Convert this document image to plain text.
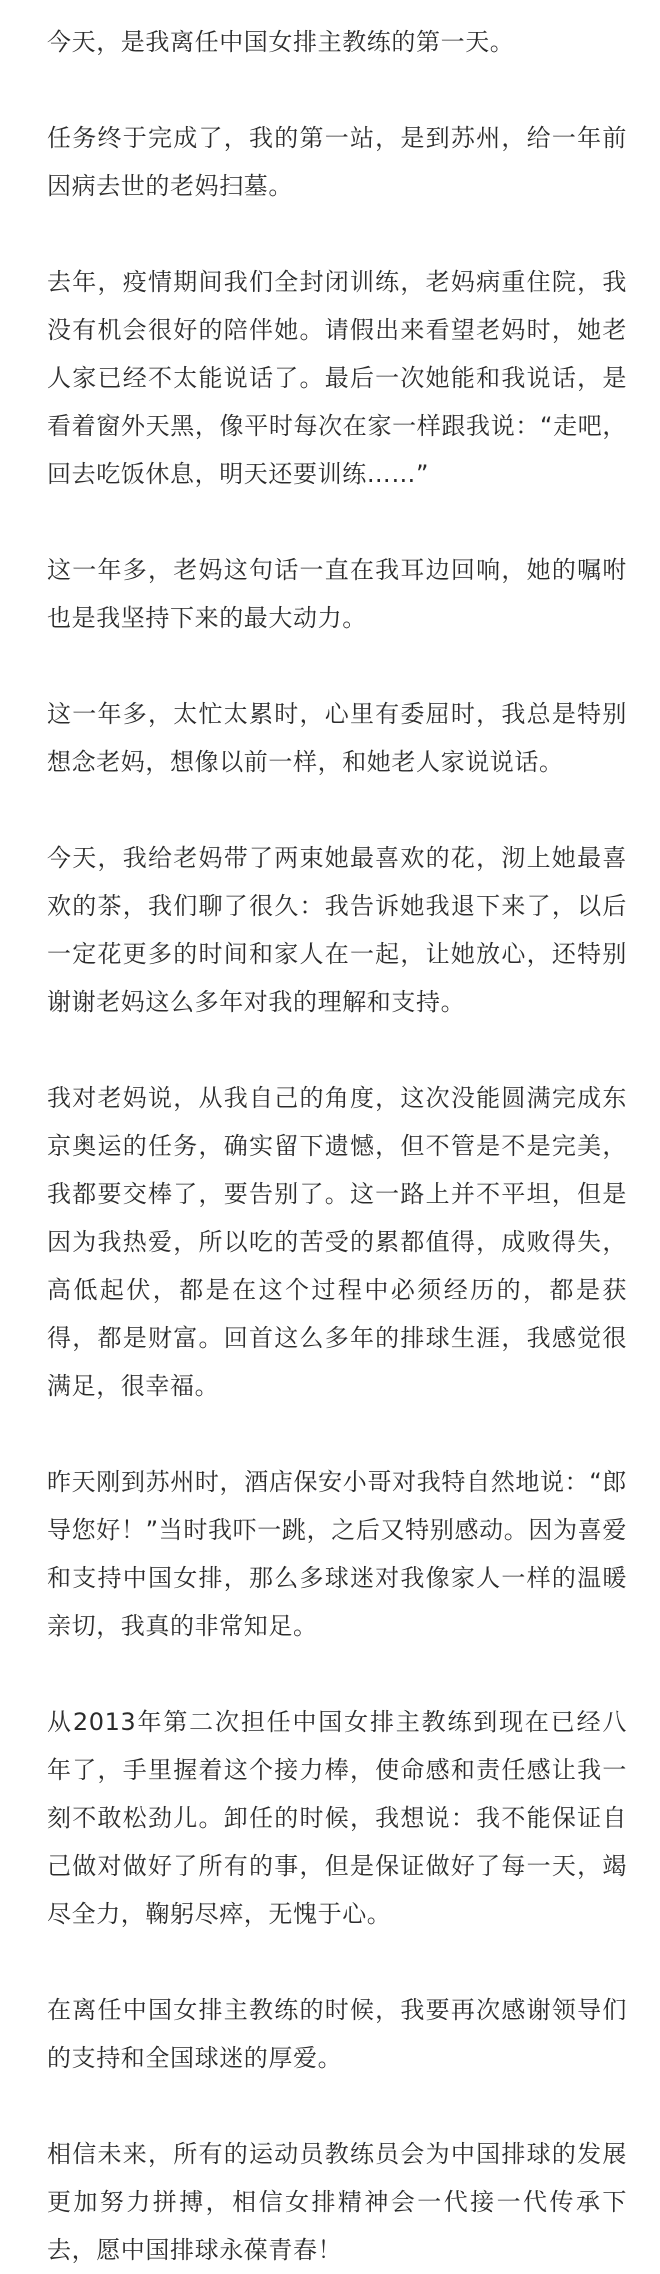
今天，是我离任中国女排主教练的第一天。

任务终于完成了，我的第一站，是到苏州，给一年前因病去世的老妈扫墓。

去年，疫情期间我们全封闭训练，老妈病重住院，我没有机会很好的陪伴她。请假出来看望老妈时，她老人家已经不太能说话了。最后一次她能和我说话，是看着窗外天黑，像平时每次在家一样跟我说：“走吧，回去吃饭休息，明天还要训练……”

这一年多，老妈这句话一直在我耳边回响，她的嘱咐也是我坚持下来的最大动力。

这一年多，太忙太累时，心里有委屈时，我总是特别想念老妈，想像以前一样，和她老人家说说话。

今天，我给老妈带了两束她最喜欢的花，沏上她最喜欢的茶，我们聊了很久：我告诉她我退下来了，以后一定花更多的时间和家人在一起，让她放心，还特别谢谢老妈这么多年对我的理解和支持。

我对老妈说，从我自己的角度，这次没能圆满完成东京奥运的任务，确实留下遗憾，但不管是不是完美，我都要交棒了，要告别了。这一路上并不平坦，但是因为我热爱，所以吃的苦受的累都值得，成败得失，高低起伏，都是在这个过程中必须经历的，都是获得，都是财富。回首这么多年的排球生涯，我感觉很满足，很幸福。

昨天刚到苏州时，酒店保安小哥对我特自然地说：“郎导您好！”当时我吓一跳，之后又特别感动。因为喜爱和支持中国女排，那么多球迷对我像家人一样的温暖亲切，我真的非常知足。

从2013年第二次担任中国女排主教练到现在已经八年了，手里握着这个接力棒，使命感和责任感让我一刻不敢松劲儿。卸任的时候，我想说：我不能保证自己做对做好了所有的事，但是保证做好了每一天，竭尽全力，鞠躬尽瘁，无愧于心。

在离任中国女排主教练的时候，我要再次感谢领导们的支持和全国球迷的厚爱。

相信未来，所有的运动员教练员会为中国排球的发展更加努力拼搏，相信女排精神会一代接一代传承下去，愿中国排球永葆青春！
